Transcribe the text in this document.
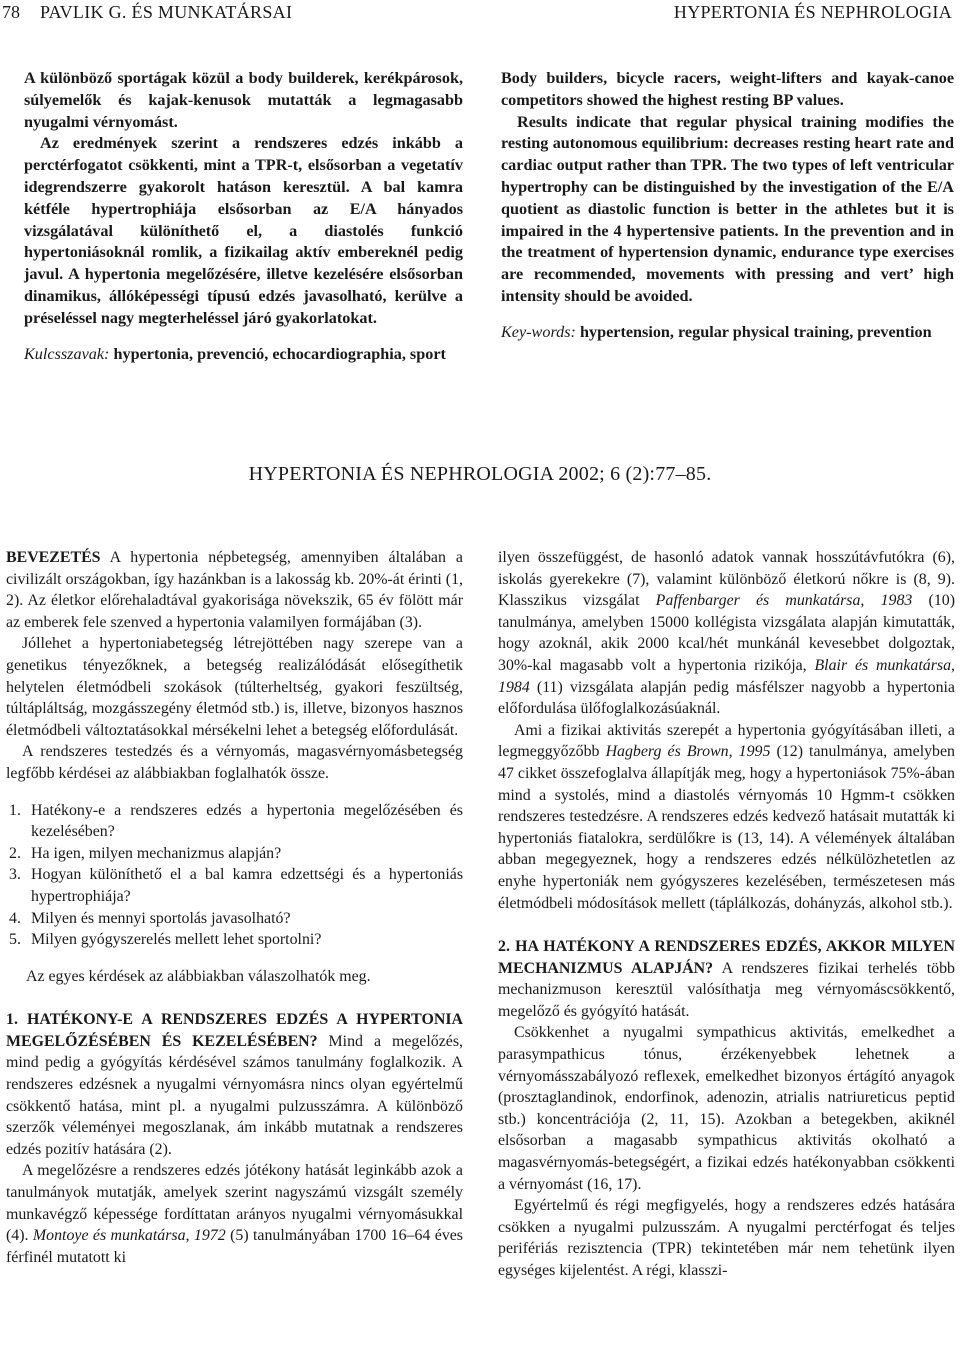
78 PAVLIK G. ÉS MUNKATÁRSAI	HYPERTONIA ÉS NEPHROLOGIA

A különböző sportágak közül a body builderek, kerékpárosok, súlyemelők és kajak-kenusok mutatták a legmagasabb nyugalmi vérnyomást.

Az eredmények szerint a rendszeres edzés inkább a perctérfogatot csökkenti, mint a TPR-t, elsősorban a vegetatív idegrendszerre gyakorolt hatáson keresztül. A bal kamra kétféle hypertrophiája elsősorban az E/A hányados vizsgálatával különíthető el, a diastolés funkció hypertoniásoknál romlik, a fizikailag aktív embereknél pedig javul. A hypertonia megelőzésére, illetve kezelésére elsősorban dinamikus, állóképességi típusú edzés javasolható, kerülve a préseléssel nagy megterheléssel járó gyakorlatokat.

Kulcsszavak: hypertonia, prevenció, echocardiographia, sport

Body builders, bicycle racers, weight-lifters and kayak-canoe competitors showed the highest resting BP values.

Results indicate that regular physical training modifies the resting autonomous equilibrium: decreases resting heart rate and cardiac output rather than TPR. The two types of left ventricular hypertrophy can be distinguished by the investigation of the E/A quotient as diastolic function is better in the athletes but it is impaired in the 4 hypertensive patients. In the prevention and in the treatment of hypertension dynamic, endurance type exercises are recommended, movements with pressing and vert’ high intensity should be avoided.

Key-words: hypertension, regular physical training, prevention
HYPERTONIA ÉS NEPHROLOGIA 2002; 6 (2):77–85.

BEVEZETÉS A hypertonia népbetegség, amennyiben általában a civilizált országokban, így hazánkban is a lakosság kb. 20%-át érinti (1, 2). Az életkor előrehaladtával gyakorisága növekszik, 65 év fölött már az emberek fele szenved a hypertonia valamilyen formájában (3).

Jóllehet a hypertoniabetegség létrejöttében nagy szerepe van a genetikus tényezőknek, a betegség realizálódását elősegíthetik helytelen életmódbeli szokások (túlterheltség, gyakori feszültség, túltápláltság, mozgásszegény életmód stb.) is, illetve, bizonyos hasznos életmódbeli változtatásokkal mérsékelni lehet a betegség előfordulását.

A rendszeres testedzés és a vérnyomás, magasvérnyomásbetegség legfőbb kérdései az alábbiakban foglalhatók össze.

1. Hatékony-e a rendszeres edzés a hypertonia megelőzésében és kezelésében?
2. Ha igen, milyen mechanizmus alapján?
3. Hogyan különíthető el a bal kamra edzettségi és a hypertoniás hypertrophiája?
4. Milyen és mennyi sportolás javasolható?
5. Milyen gyógyszerelés mellett lehet sportolni?

Az egyes kérdések az alábbiakban válaszolhatók meg.

1. HATÉKONY-E A RENDSZERES EDZÉS A HYPERTONIA MEGELŐZÉSÉBEN ÉS KEZELÉSÉBEN? Mind a megelőzés, mind pedig a gyógyítás kérdésével számos tanulmány foglalkozik. A rendszeres edzésnek a nyugalmi vérnyomásra nincs olyan egyértelmű csökkentő hatása, mint pl. a nyugalmi pulzusszámra. A különböző szerzők véleményei megoszlanak, ám inkább mutatnak a rendszeres edzés pozitív hatására (2).

A megelőzésre a rendszeres edzés jótékony hatását leginkább azok a tanulmányok mutatják, amelyek szerint nagyszámú vizsgált személy munkavégző képessége fordíttatan arányos nyugalmi vérnyomásukkal (4). Montoye és munkatársa, 1972 (5) tanulmányában 1700 16–64 éves férfinél mutatott ki

ilyen összefüggést, de hasonló adatok vannak hosszútávfutókra (6), iskolás gyerekekre (7), valamint különböző életkorú nőkre is (8, 9). Klasszikus vizsgálat Paffenbarger és munkatársa, 1983 (10) tanulmánya, amelyben 15000 kollégista vizsgálata alapján kimutatták, hogy azoknál, akik 2000 kcal/hét munkánál kevesebbet dolgoztak, 30%-kal magasabb volt a hypertonia rizikója, Blair és munkatársa, 1984 (11) vizsgálata alapján pedig másfélszer nagyobb a hypertonia előfordulása ülőfoglalkozásúaknál.

Ami a fizikai aktivitás szerepét a hypertonia gyógyításában illeti, a legmeggyőzőbb Hagberg és Brown, 1995 (12) tanulmánya, amelyben 47 cikket összefoglalva állapítják meg, hogy a hypertoniások 75%-ában mind a systolés, mind a diastolés vérnyomás 10 Hgmm-t csökken rendszeres testedzésre. A rendszeres edzés kedvező hatásait mutatták ki hypertoniás fiatalokra, serdülőkre is (13, 14). A vélemények általában abban megegyeznek, hogy a rendszeres edzés nélkülözhetetlen az enyhe hypertoniák nem gyógyszeres kezelésében, természetesen más életmódbeli módosítások mellett (táplálkozás, dohányzás, alkohol stb.).

2. HA HATÉKONY A RENDSZERES EDZÉS, AKKOR MILYEN MECHANIZMUS ALAPJÁN? A rendszeres fizikai terhelés több mechanizmuson keresztül valósíthatja meg vérnyomáscsökkentő, megelőző és gyógyító hatását.

Csökkenhet a nyugalmi sympathicus aktivitás, emelkedhet a parasympathicus tónus, érzékenyebbek lehetnek a vérnyomásszabályozó reflexek, emelkedhet bizonyos értágító anyagok (prosztaglandinok, endorfinok, adenozin, atrialis natriureticus peptid stb.) koncentrációja (2, 11, 15). Azokban a betegekben, akiknél elsősorban a magasabb sympathicus aktivitás okolható a magasvérnyomás-betegségért, a fizikai edzés hatékonyabban csökkenti a vérnyomást (16, 17).

Egyértelmű és régi megfigyelés, hogy a rendszeres edzés hatására csökken a nyugalmi pulzusszám. A nyugalmi perctérfogat és teljes perifériás rezisztencia (TPR) tekintetében már nem tehetünk ilyen egységes kijelentést. A régi, klasszi-
